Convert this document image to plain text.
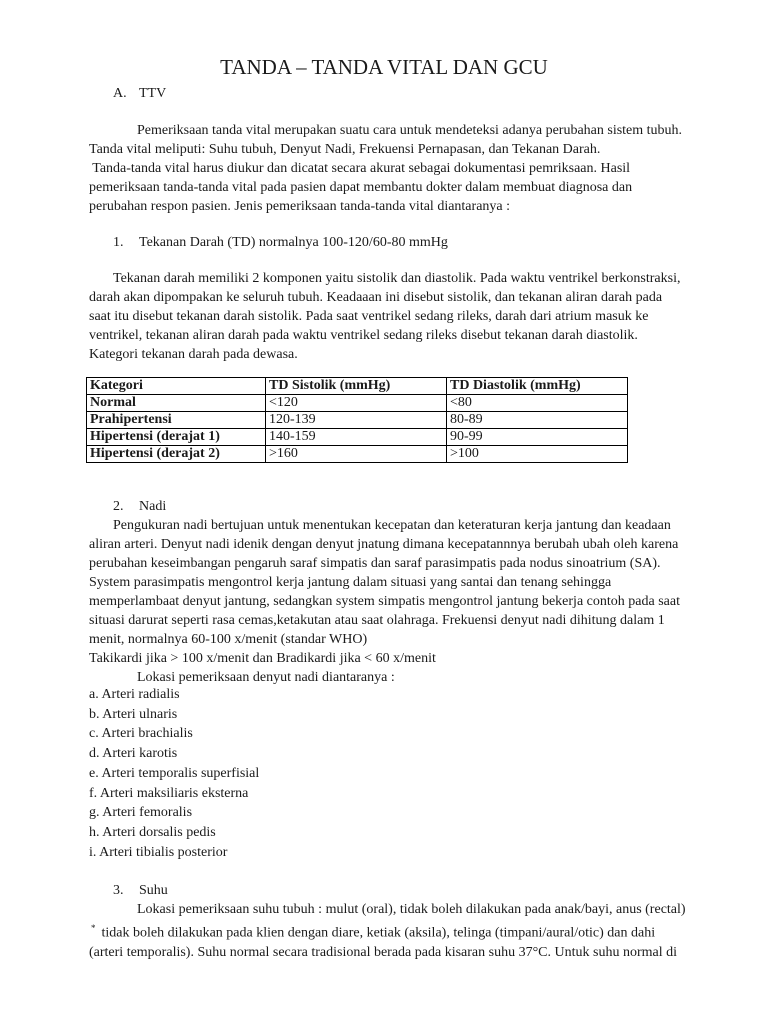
TANDA – TANDA VITAL DAN GCU

A. TTV

Pemeriksaan tanda vital merupakan suatu cara untuk mendeteksi adanya perubahan sistem tubuh.

Tanda vital meliputi: Suhu tubuh, Denyut Nadi, Frekuensi Pernapasan, dan Tekanan Darah.

Tanda-tanda vital harus diukur dan dicatat secara akurat sebagai dokumentasi pemriksaan. Hasil

pemeriksaan tanda-tanda vital pada pasien dapat membantu dokter dalam membuat diagnosa dan

perubahan respon pasien. Jenis pemeriksaan tanda-tanda vital diantaranya :

1. Tekanan Darah (TD) normalnya 100-120/60-80 mmHg

Tekanan darah memiliki 2 komponen yaitu sistolik dan diastolik. Pada waktu ventrikel berkonstraksi,

darah akan dipompakan ke seluruh tubuh. Keadaaan ini disebut sistolik, dan tekanan aliran darah pada

saat itu disebut tekanan darah sistolik. Pada saat ventrikel sedang rileks, darah dari atrium masuk ke

ventrikel, tekanan aliran darah pada waktu ventrikel sedang rileks disebut tekanan darah diastolik.

Kategori tekanan darah pada dewasa.

Kategori	TD Sistolik (mmHg)	TD Diastolik (mmHg)
Normal	<120	<80
Prahipertensi	120-139	80-89
Hipertensi (derajat 1)	140-159	90-99
Hipertensi (derajat 2)	>160	>100

2. Nadi

Pengukuran nadi bertujuan untuk menentukan kecepatan dan keteraturan kerja jantung dan keadaan

aliran arteri. Denyut nadi idenik dengan denyut jnatung dimana kecepatannnya berubah ubah oleh karena

perubahan keseimbangan pengaruh saraf simpatis dan saraf parasimpatis pada nodus sinoatrium (SA).

System parasimpatis mengontrol kerja jantung dalam situasi yang santai dan tenang sehingga

memperlambaat denyut jantung, sedangkan system simpatis mengontrol jantung bekerja contoh pada saat

situasi darurat seperti rasa cemas,ketakutan atau saat olahraga. Frekuensi denyut nadi dihitung dalam 1

menit, normalnya 60-100 x/menit (standar WHO)

Takikardi jika > 100 x/menit dan Bradikardi jika < 60 x/menit

Lokasi pemeriksaan denyut nadi diantaranya :

a. Arteri radialis

b. Arteri ulnaris

c. Arteri brachialis

d. Arteri karotis

e. Arteri temporalis superfisial

f. Arteri maksiliaris eksterna

g. Arteri femoralis

h. Arteri dorsalis pedis

i. Arteri tibialis posterior

3. Suhu

Lokasi pemeriksaan suhu tubuh : mulut (oral), tidak boleh dilakukan pada anak/bayi, anus (rectal)

* tidak boleh dilakukan pada klien dengan diare, ketiak (aksila), telinga (timpani/aural/otic) dan dahi

(arteri temporalis). Suhu normal secara tradisional berada pada kisaran suhu 37°C. Untuk suhu normal di
